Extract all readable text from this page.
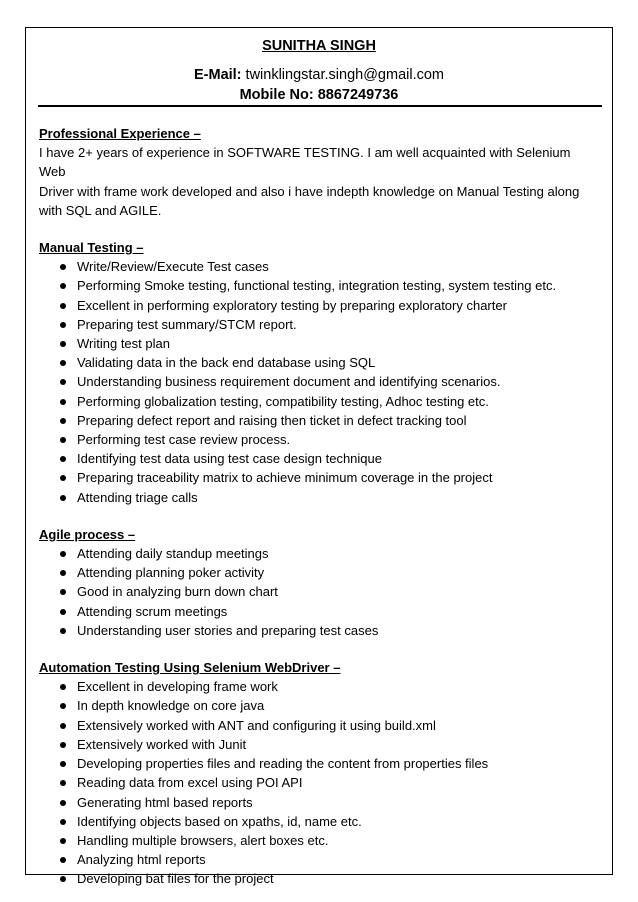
SUNITHA SINGH
E-Mail: twinklingstar.singh@gmail.com
Mobile No: 8867249736

Professional Experience –

I have 2+ years of experience in SOFTWARE TESTING. I am well acquainted with Selenium Web

Driver with frame work developed and also i have indepth knowledge on Manual Testing along

with SQL and AGILE.

Manual Testing –

Write/Review/Execute Test cases
Performing Smoke testing, functional testing, integration testing, system testing etc.
Excellent in performing exploratory testing by preparing exploratory charter
Preparing test summary/STCM report.
Writing test plan
Validating data in the back end database using SQL
Understanding business requirement document and identifying scenarios.
Performing globalization testing, compatibility testing, Adhoc testing etc.
Preparing defect report and raising then ticket in defect tracking tool
Performing test case review process.
Identifying test data using test case design technique
Preparing traceability matrix to achieve minimum coverage in the project
Attending triage calls

Agile process –

Attending daily standup meetings
Attending planning poker activity
Good in analyzing burn down chart
Attending scrum meetings
Understanding user stories and preparing test cases

Automation Testing Using Selenium WebDriver –

Excellent in developing frame work
In depth knowledge on core java
Extensively worked with ANT and configuring it using build.xml
Extensively worked with Junit
Developing properties files and reading the content from properties files
Reading data from excel using POI API
Generating html based reports
Identifying objects based on xpaths, id, name etc.
Handling multiple browsers, alert boxes etc.
Analyzing html reports
Developing bat files for the project
